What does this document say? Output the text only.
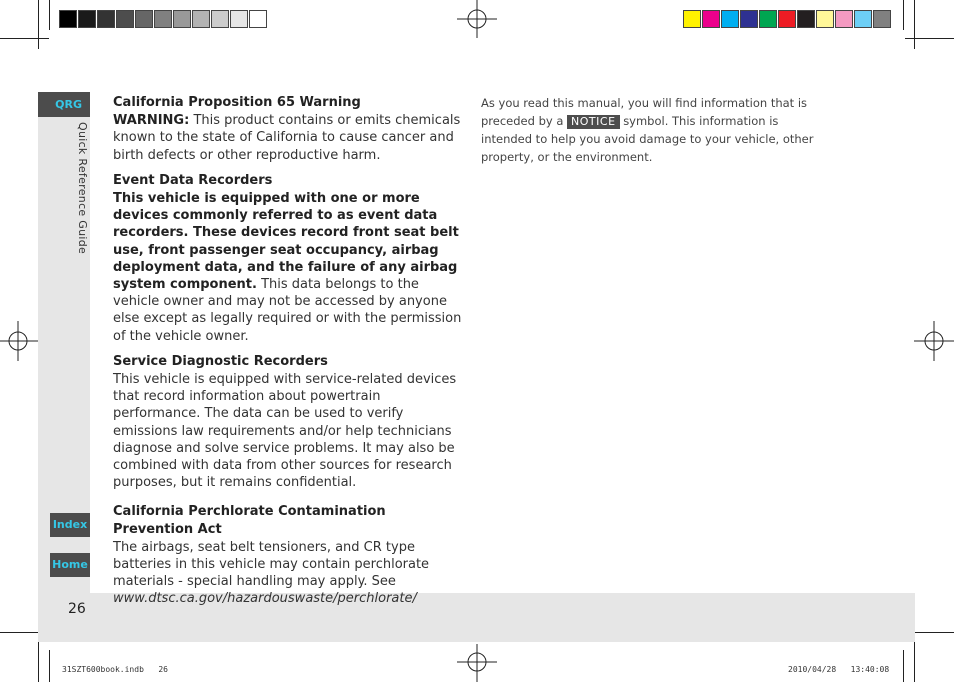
QRG
Quick Reference Guide
Index
Home
26
California Proposition 65 Warning

WARNING: This product contains or emits chemicals known to the state of California to cause cancer and birth defects or other reproductive harm.

Event Data Recorders

This vehicle is equipped with one or more devices commonly referred to as event data recorders. These devices record front seat belt use, front passenger seat occupancy, airbag deployment data, and the failure of any airbag system component. This data belongs to the vehicle owner and may not be accessed by anyone else except as legally required or with the permission of the vehicle owner.

Service Diagnostic Recorders

This vehicle is equipped with service-related devices that record information about powertrain performance. The data can be used to verify emissions law requirements and/or help technicians diagnose and solve service problems. It may also be combined with data from other sources for research purposes, but it remains confidential.

California Perchlorate Contamination Prevention Act

The airbags, seat belt tensioners, and CR type batteries in this vehicle may contain perchlorate materials - special handling may apply. See www.dtsc.ca.gov/hazardouswaste/perchlorate/

As you read this manual, you will find information that is preceded by a NOTICE symbol. This information is intended to help you avoid damage to your vehicle, other property, or the environment.
31SZT600book.indb 26	2010/04/28 13:40:08
